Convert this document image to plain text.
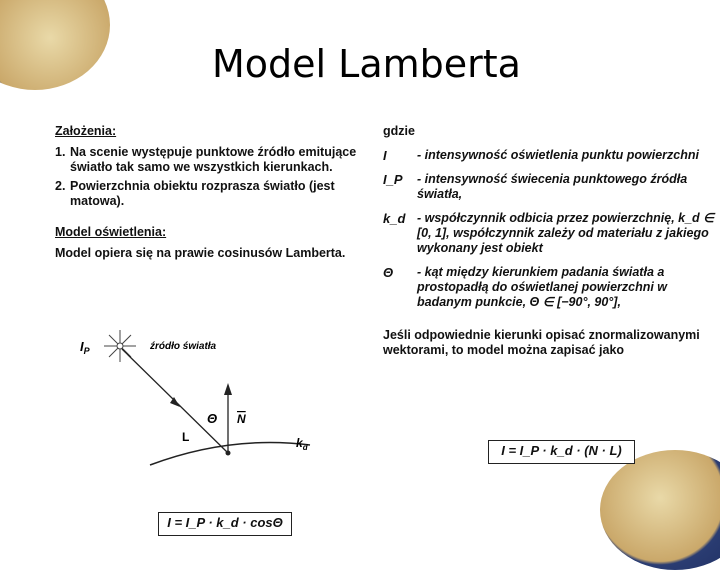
Model Lamberta
Założenia:
1. Na scenie występuje punktowe źródło emitujące światło tak samo we wszystkich kierunkach.
2. Powierzchnia obiektu rozprasza światło (jest matowa).
Model oświetlenia:
Model opiera się na prawie cosinusów Lamberta.
$I_P$	źródło światła
Θ N
L	$k_d$
I = I_P · k_d · cosΘ
gdzie
I	- intensywność oświetlenia punktu powierzchni
I_P	- intensywność świecenia punktowego źródła światła,
k_d - współczynnik odbicia przez powierzchnię, k_d ∈ [0, 1], współczynnik zależy od materiału z jakiego wykonany jest obiekt
Θ	- kąt między kierunkiem padania światła a prostopadłą do oświetlanej powierzchni w badanym punkcie, Θ ∈ [−90°, 90°],
Jeśli odpowiednie kierunki opisać znormalizowanymi wektorami, to model można zapisać jako
I = I_P · k_d · (N · L)
